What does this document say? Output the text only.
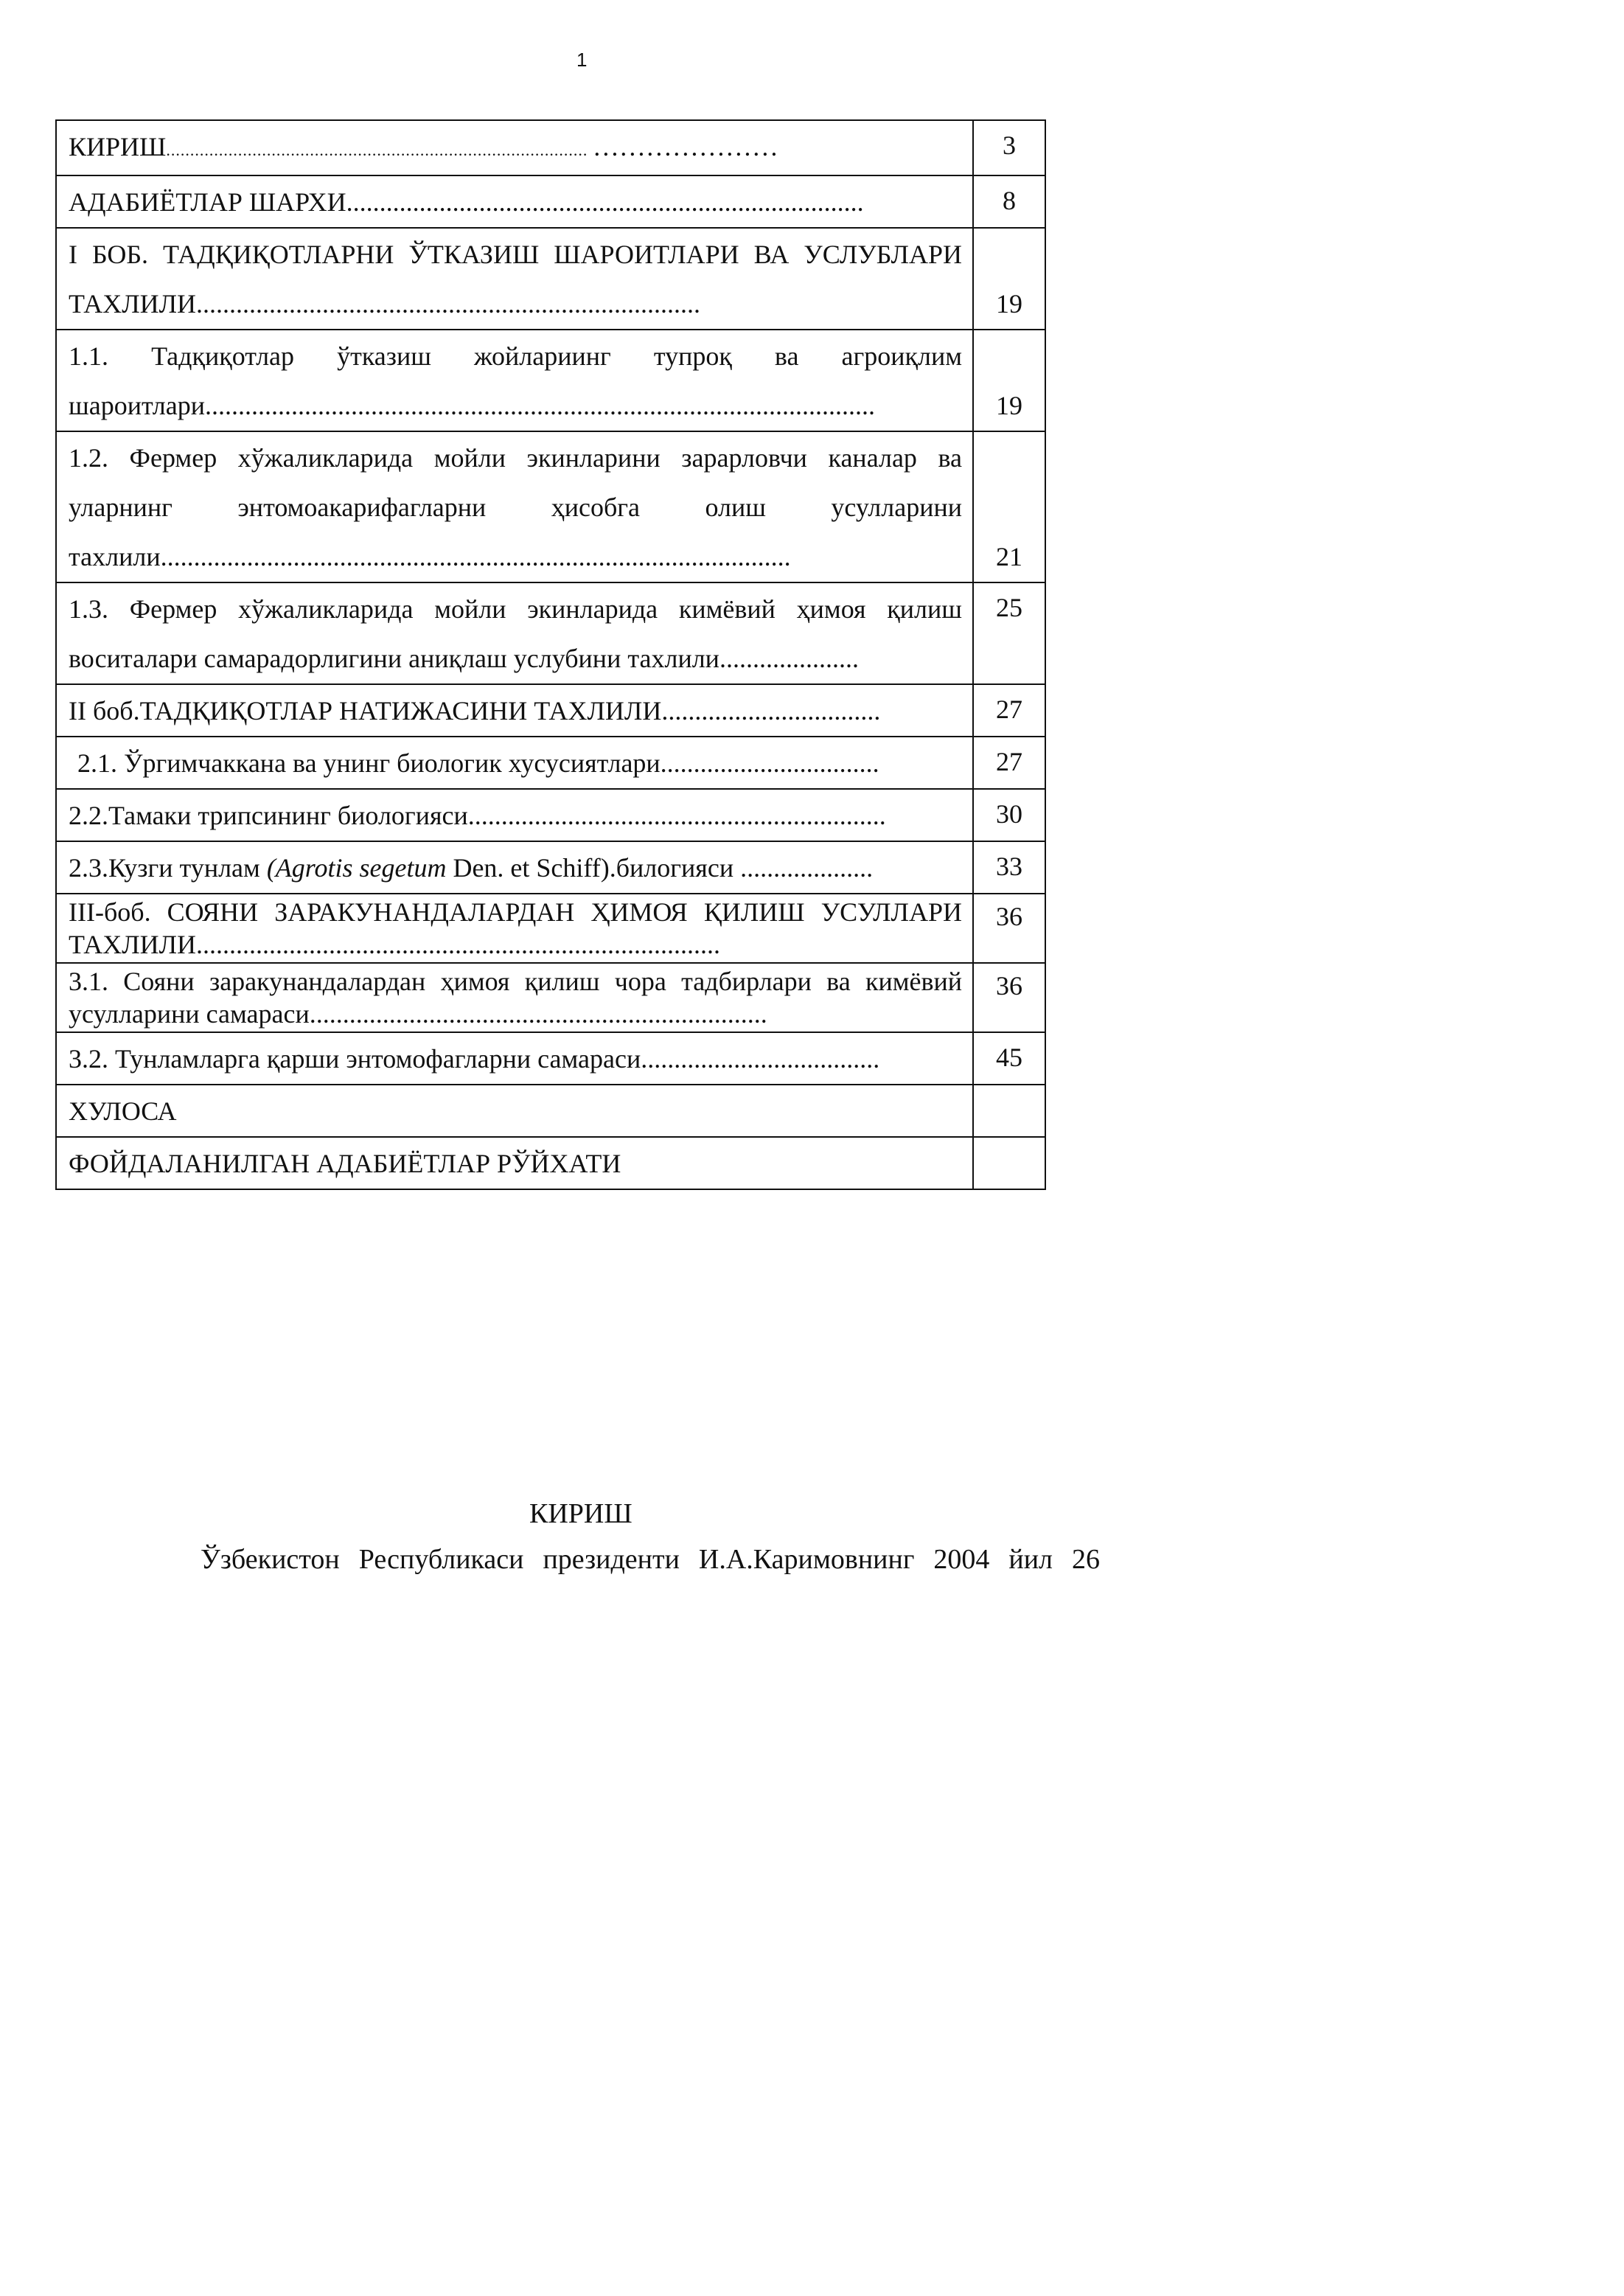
1
КИРИШ........................................................................................ …………………	3
АДАБИЁТЛАР ШАРХИ..............................................................................	8
I БОБ. ТАДҚИҚОТЛАРНИ ЎТКАЗИШ ШАРОИТЛАРИ ВА УСЛУБЛАРИ ТАХЛИЛИ............................................................................	19
1.1. Тадқиқотлар ўтказиш жойлариинг тупроқ ва агроиқлим шароитлари.....................................................................................................	19
1.2. Фермер хўжаликларида мойли экинларини зарарловчи каналар ва уларнинг энтомоакарифагларни ҳисобга олиш усулларини тахлили...............................................................................................	21
1.3. Фермер хўжаликларида мойли экинларида кимёвий ҳимоя қилиш воситалари самарадорлигини аниқлаш услубини тахлили.....................	25
II боб.ТАДҚИҚОТЛАР НАТИЖАСИНИ ТАХЛИЛИ.................................	27
2.1. Ўргимчаккана ва унинг биологик хусусиятлари.................................	27
2.2.Тамаки трипсининг биологияси...............................................................	30
2.3.Кузги тунлам (Agrotis segetum Den. et Schiff).билогияси ....................	33
III-боб. СОЯНИ ЗАРАКУНАНДАЛАРДАН ҲИМОЯ ҚИЛИШ УСУЛЛАРИ ТАХЛИЛИ...............................................................................	36
3.1. Сояни заракунандалардан ҳимоя қилиш чора тадбирлари ва кимёвий усулларини самараси.....................................................................	36
3.2. Тунламларга қарши энтомофагларни самараси....................................	45
ХУЛОСА	
ФОЙДАЛАНИЛГАН АДАБИЁТЛАР РЎЙХАТИ	
КИРИШ
Ўзбекистон Республикаси президенти И.А.Каримовнинг 2004 йил 26
